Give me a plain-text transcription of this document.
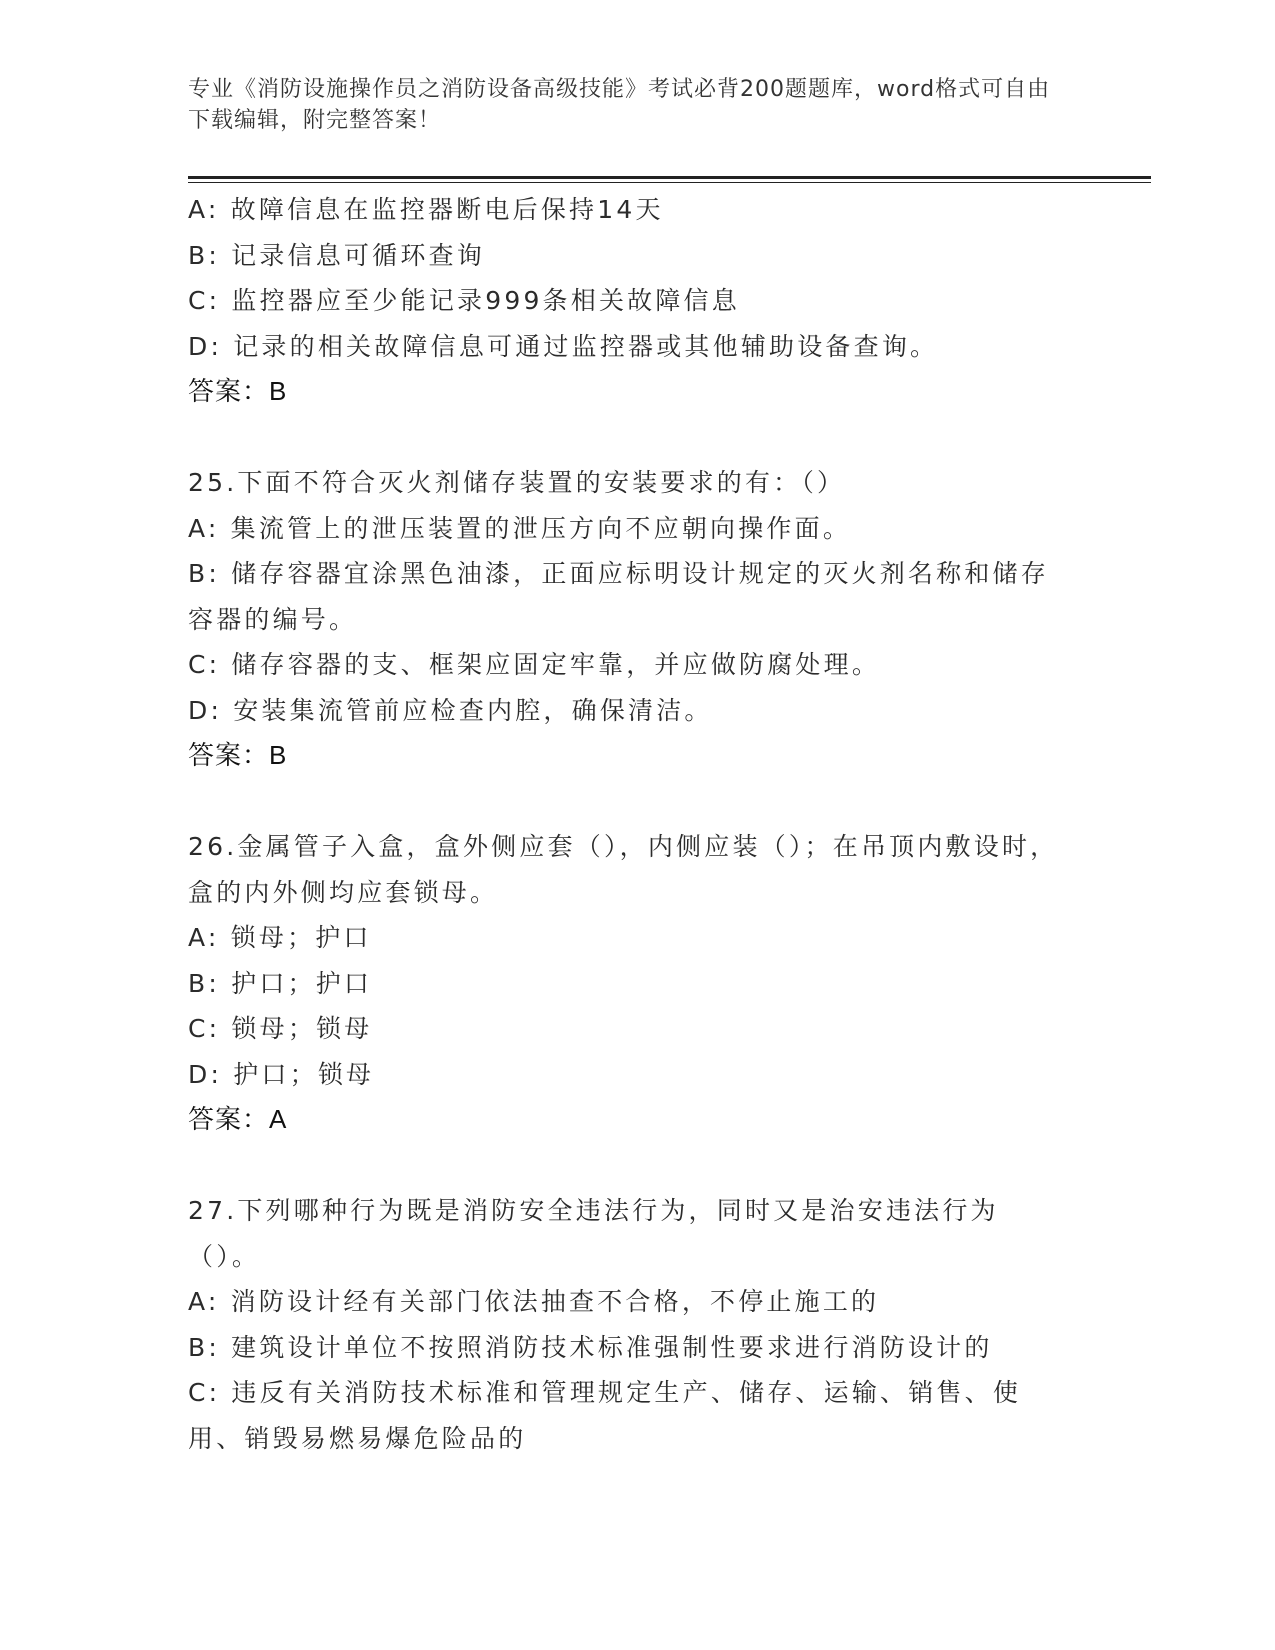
专业《消防设施操作员之消防设备高级技能》考试必背200题题库，word格式可自由下载编辑，附完整答案！
A: 故障信息在监控器断电后保持14天
B: 记录信息可循环查询
C: 监控器应至少能记录999条相关故障信息
D: 记录的相关故障信息可通过监控器或其他辅助设备查询。
答案：B
25.下面不符合灭火剂储存装置的安装要求的有：（）
A: 集流管上的泄压装置的泄压方向不应朝向操作面。
B: 储存容器宜涂黑色油漆，正面应标明设计规定的灭火剂名称和储存容器的编号。
C: 储存容器的支、框架应固定牢靠，并应做防腐处理。
D: 安装集流管前应检查内腔，确保清洁。
答案：B
26.金属管子入盒，盒外侧应套（），内侧应装（）；在吊顶内敷设时，盒的内外侧均应套锁母。
A: 锁母；护口
B: 护口；护口
C: 锁母；锁母
D: 护口；锁母
答案：A
27.下列哪种行为既是消防安全违法行为，同时又是治安违法行为（）。
A: 消防设计经有关部门依法抽查不合格，不停止施工的
B: 建筑设计单位不按照消防技术标准强制性要求进行消防设计的
C: 违反有关消防技术标准和管理规定生产、储存、运输、销售、使用、销毁易燃易爆危险品的
